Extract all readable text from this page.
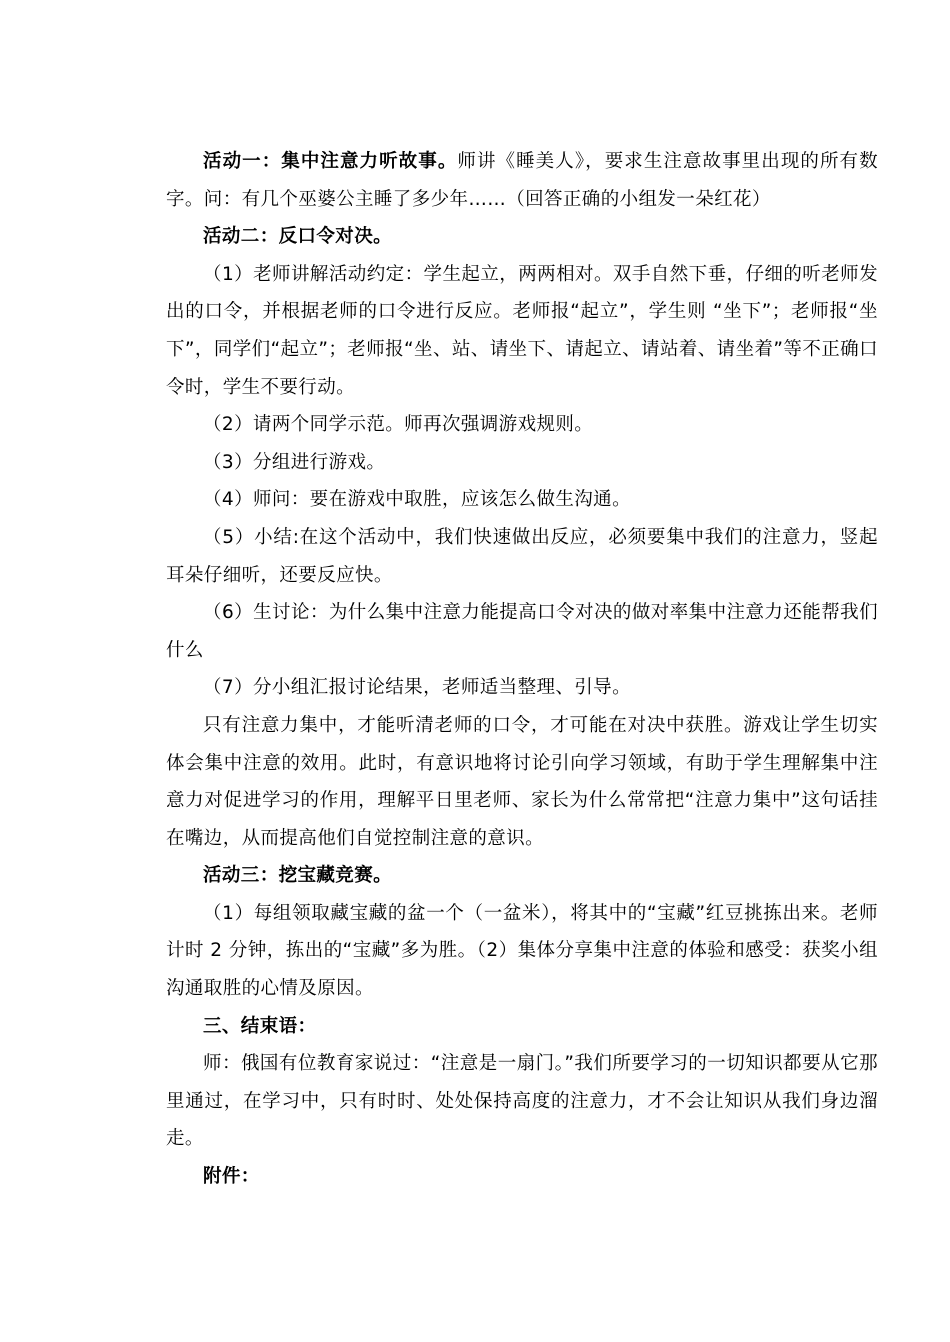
活动一：集中注意力听故事。师讲《睡美人》，要求生注意故事里出现的所有数字。问：有几个巫婆公主睡了多少年……（回答正确的小组发一朵红花）

活动二：反口令对决。

（1）老师讲解活动约定：学生起立，两两相对。双手自然下垂，仔细的听老师发出的口令，并根据老师的口令进行反应。老师报“起立”，学生则 “坐下”；老师报“坐下”，同学们“起立”；老师报“坐、站、请坐下、请起立、请站着、请坐着”等不正确口令时，学生不要行动。

（2）请两个同学示范。师再次强调游戏规则。

（3）分组进行游戏。

（4）师问：要在游戏中取胜，应该怎么做生沟通。

（5）小结:在这个活动中，我们快速做出反应，必须要集中我们的注意力，竖起耳朵仔细听，还要反应快。

（6）生讨论：为什么集中注意力能提高口令对决的做对率集中注意力还能帮我们什么

（7）分小组汇报讨论结果，老师适当整理、引导。

只有注意力集中，才能听清老师的口令，才可能在对决中获胜。游戏让学生切实体会集中注意的效用。此时，有意识地将讨论引向学习领域，有助于学生理解集中注意力对促进学习的作用，理解平日里老师、家长为什么常常把“注意力集中”这句话挂在嘴边，从而提高他们自觉控制注意的意识。

活动三：挖宝藏竞赛。

（1）每组领取藏宝藏的盆一个（一盆米），将其中的“宝藏”红豆挑拣出来。老师计时 2 分钟，拣出的“宝藏”多为胜。（2）集体分享集中注意的体验和感受：获奖小组沟通取胜的心情及原因。

三、结束语：

师：俄国有位教育家说过：“注意是一扇门。”我们所要学习的一切知识都要从它那里通过，在学习中，只有时时、处处保持高度的注意力，才不会让知识从我们身边溜走。

附件：
